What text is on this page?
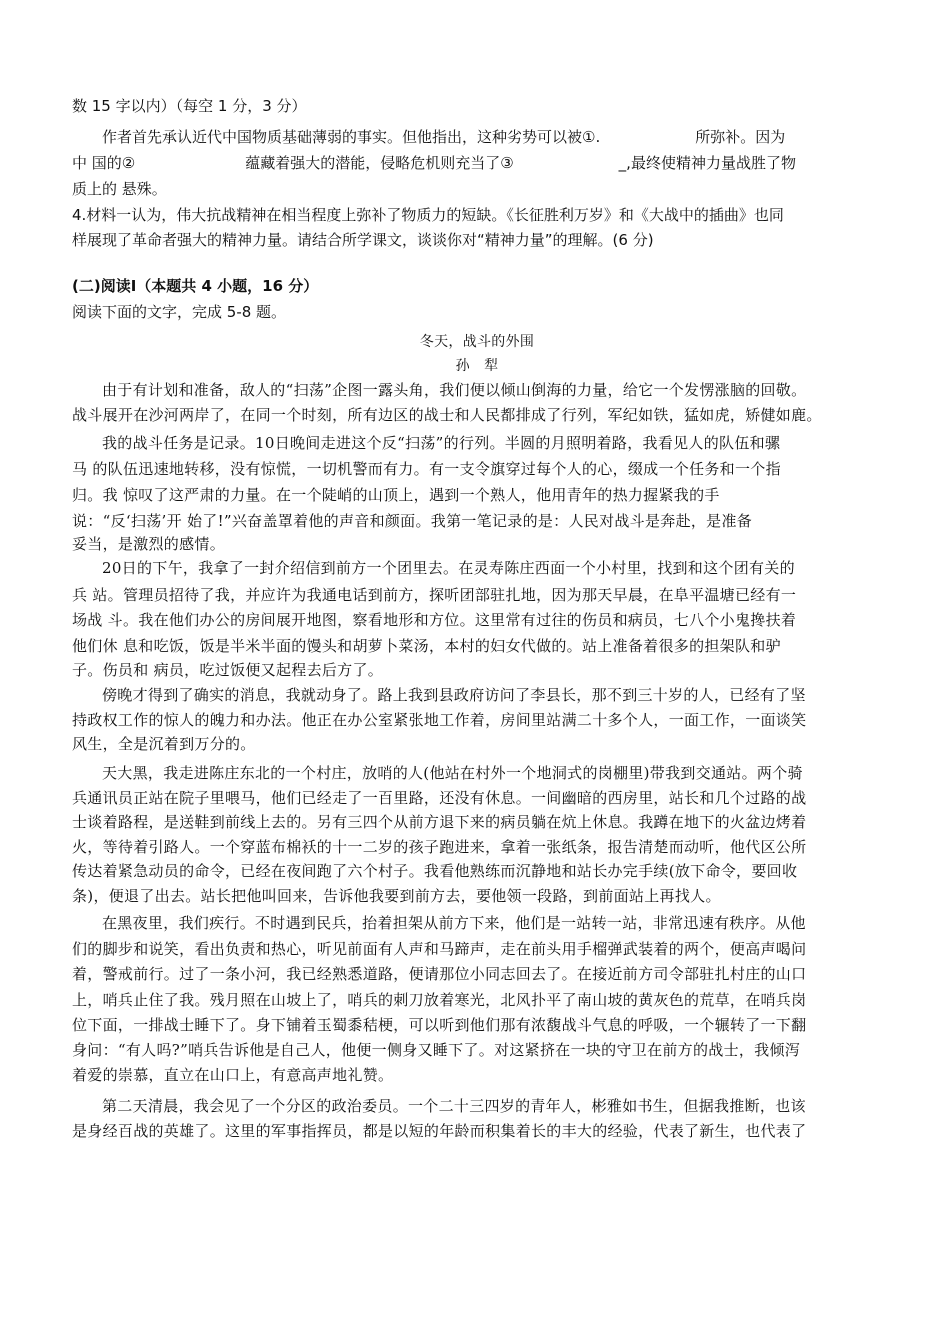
数 15 字以内）（每空 1 分，3 分）
作者首先承认近代中国物质基础薄弱的事实。但他指出，这种劣势可以被①.	所弥补。因为
中 国的②	蕴藏着强大的潜能，侵略危机则充当了③	_,最终使精神力量战胜了物
质上的 悬殊。
4.材料一认为，伟大抗战精神在相当程度上弥补了物质力的短缺。《长征胜利万岁》和《大战中的插曲》也同
样展现了革命者强大的精神力量。请结合所学课文，谈谈你对“精神力量”的理解。(6 分)
(二)阅读Ⅰ（本题共 4 小题，16 分）
阅读下面的文字，完成 5-8 题。
冬天，战斗的外围
孙   犁
由于有计划和准备，敌人的“扫荡”企图一露头角，我们便以倾山倒海的力量，给它一个发愣涨脑的回敬。
战斗展开在沙河两岸了，在同一个时刻，所有边区的战士和人民都排成了行列，军纪如铁，猛如虎，矫健如鹿。
我的战斗任务是记录。10日晚间走进这个反“扫荡”的行列。半圆的月照明着路，我看见人的队伍和骡
马 的队伍迅速地转移，没有惊慌，一切机警而有力。有一支令旗穿过每个人的心，缀成一个任务和一个指
归。我 惊叹了这严肃的力量。在一个陡峭的山顶上，遇到一个熟人，他用青年的热力握紧我的手
说：“反‘扫荡’开 始了!”兴奋盖罩着他的声音和颜面。我第一笔记录的是：人民对战斗是奔赴，是准备
妥当，是激烈的感情。
20日的下午，我拿了一封介绍信到前方一个团里去。在灵寿陈庄西面一个小村里，找到和这个团有关的
兵 站。管理员招待了我，并应许为我通电话到前方，探听团部驻扎地，因为那天早晨，在阜平温塘已经有一
场战 斗。我在他们办公的房间展开地图，察看地形和方位。这里常有过往的伤员和病员，七八个小鬼搀扶着
他们休 息和吃饭，饭是半米半面的馒头和胡萝卜菜汤，本村的妇女代做的。站上准备着很多的担架队和驴
子。伤员和 病员，吃过饭便又起程去后方了。
傍晚才得到了确实的消息，我就动身了。路上我到县政府访问了李县长，那不到三十岁的人，已经有了坚
持政权工作的惊人的魄力和办法。他正在办公室紧张地工作着，房间里站满二十多个人，一面工作，一面谈笑
风生，全是沉着到万分的。
天大黑，我走进陈庄东北的一个村庄，放哨的人(他站在村外一个地洞式的岗棚里)带我到交通站。两个骑
兵通讯员正站在院子里喂马，他们已经走了一百里路，还没有休息。一间幽暗的西房里，站长和几个过路的战
士谈着路程，是送鞋到前线上去的。另有三四个从前方退下来的病员躺在炕上休息。我蹲在地下的火盆边烤着
火，等待着引路人。一个穿蓝布棉袄的十一二岁的孩子跑进来，拿着一张纸条，报告清楚而动听，他代区公所
传达着紧急动员的命令，已经在夜间跑了六个村子。我看他熟练而沉静地和站长办完手续(放下命令，要回收
条)，便退了出去。站长把他叫回来，告诉他我要到前方去，要他领一段路，到前面站上再找人。
在黑夜里，我们疾行。不时遇到民兵，抬着担架从前方下来，他们是一站转一站，非常迅速有秩序。从他
们的脚步和说笑，看出负责和热心，听见前面有人声和马蹄声，走在前头用手榴弹武装着的两个，便高声喝问
着，警戒前行。过了一条小河，我已经熟悉道路，便请那位小同志回去了。在接近前方司令部驻扎村庄的山口
上，哨兵止住了我。残月照在山坡上了，哨兵的刺刀放着寒光，北风扑平了南山坡的黄灰色的荒草，在哨兵岗
位下面，一排战士睡下了。身下铺着玉蜀黍秸梗，可以听到他们那有浓馥战斗气息的呼吸，一个辗转了一下翻
身问：“有人吗?”哨兵告诉他是自己人，他便一侧身又睡下了。对这紧挤在一块的守卫在前方的战士，我倾泻
着爱的崇慕，直立在山口上，有意高声地礼赞。
第二天清晨，我会见了一个分区的政治委员。一个二十三四岁的青年人，彬雅如书生，但据我推断，也该
是身经百战的英雄了。这里的军事指挥员，都是以短的年龄而积集着长的丰大的经验，代表了新生，也代表了
